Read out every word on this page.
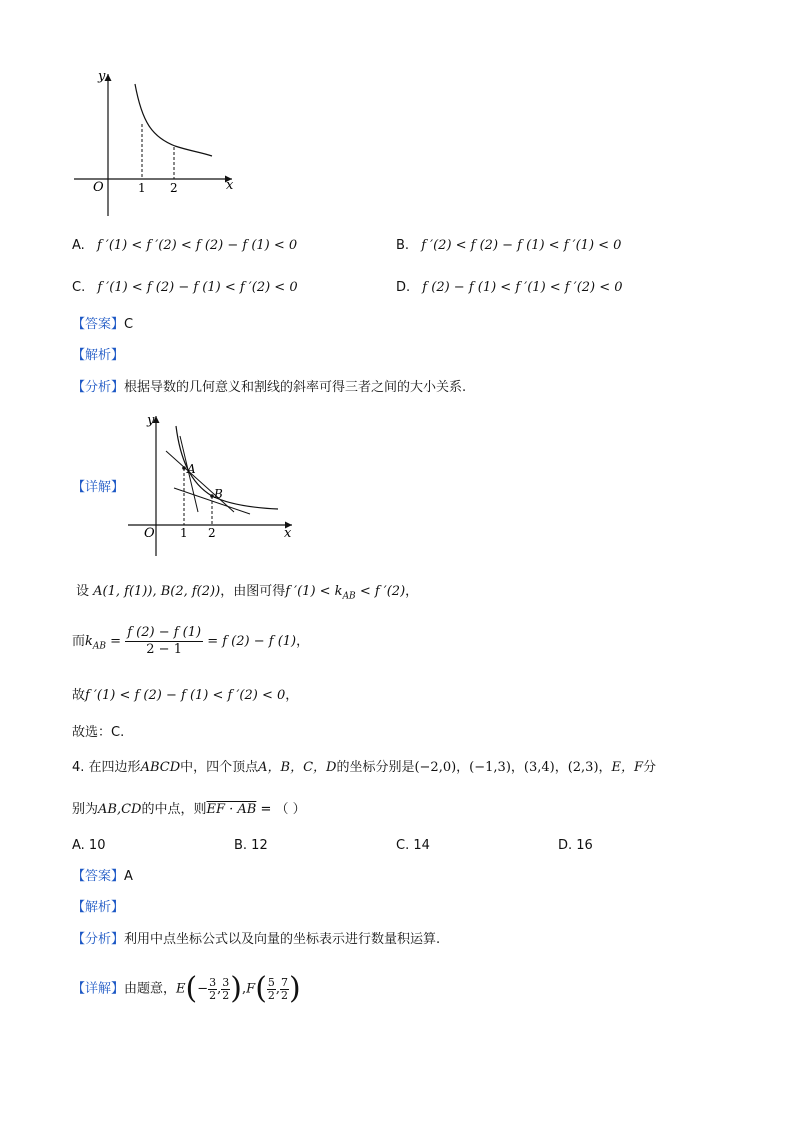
y
x
O	1 2
A. f ′(1) < f ′(2) < f (2) − f (1) < 0	B. f ′(2) < f (2) − f (1) < f ′(1) < 0
C. f ′(1) < f (2) − f (1) < f ′(2) < 0	D. f (2) − f (1) < f ′(1) < f ′(2) < 0
【答案】C
【解析】
【分析】根据导数的几何意义和割线的斜率可得三者之间的大小关系.
【详解】
A
B
y
x
O 1 2
设 A(1, f(1)), B(2, f(2))，由图可得f $'(1) < k_{AB} < f$ ′(2)，
而$k_{AB} = \frac{f (2) - f (1)}{2 - 1} = f$ (2) − f (1)，
故f ′(1) < f (2) − f (1) < f ′(2) < 0，
故选：C.
4. 在四边形ABCD中，四个顶点A，B，C，D的坐标分别是(−2,0)，(−1,3)，(3,4)，(2,3)，E，F分
别为AB,CD的中点，则EF · AB = （ ）
A. 10	B. 12	C. 14	D. 16
【答案】A
【解析】
【分析】利用中点坐标公式以及向量的坐标表示进行数量积运算.
【详解】由题意，$E(- \frac{3}{2}$ , $\frac{3}{2} ),F( \frac{5}{2}$ , $\frac{7}{2}$ )
